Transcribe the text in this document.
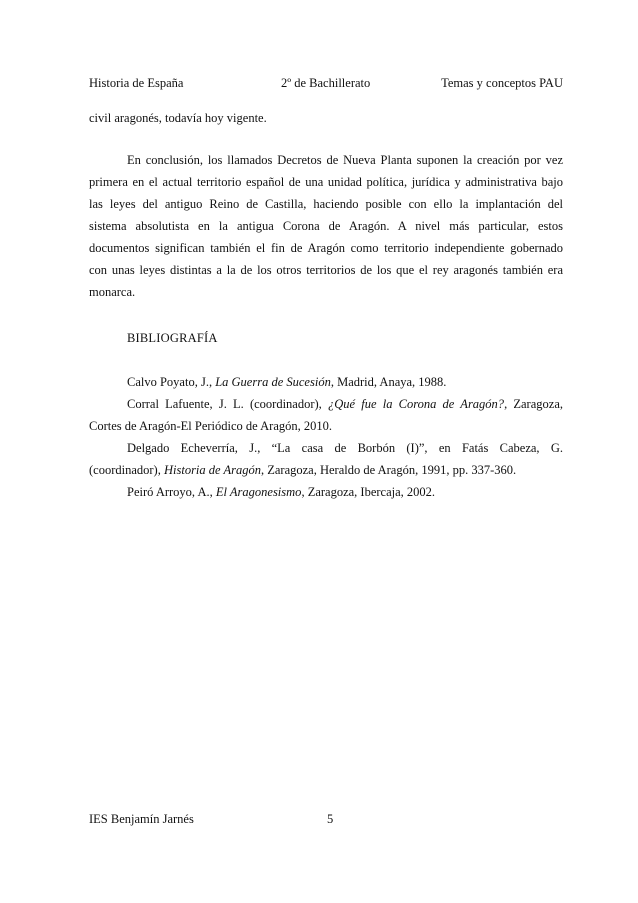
Historia de España	2º de Bachillerato	Temas y conceptos PAU
civil aragonés, todavía hoy vigente.
En conclusión, los llamados Decretos de Nueva Planta suponen la creación por vez
primera en el actual territorio español de una unidad política, jurídica y administrativa bajo
las leyes del antiguo Reino de Castilla, haciendo posible con ello la implantación del
sistema absolutista en la antigua Corona de Aragón. A nivel más particular, estos
documentos significan también el fin de Aragón como territorio independiente gobernado
con unas leyes distintas a la de los otros territorios de los que el rey aragonés también era
monarca.
BIBLIOGRAFÍA
Calvo Poyato, J., La Guerra de Sucesión, Madrid, Anaya, 1988.
Corral Lafuente, J. L. (coordinador), ¿Qué fue la Corona de Aragón?, Zaragoza,
Cortes de Aragón-El Periódico de Aragón, 2010.
Delgado Echeverría, J., “La casa de Borbón (I)”, en Fatás Cabeza, G.
(coordinador), Historia de Aragón, Zaragoza, Heraldo de Aragón, 1991, pp. 337-360.
Peiró Arroyo, A., El Aragonesismo, Zaragoza, Ibercaja, 2002.
IES Benjamín Jarnés	5
